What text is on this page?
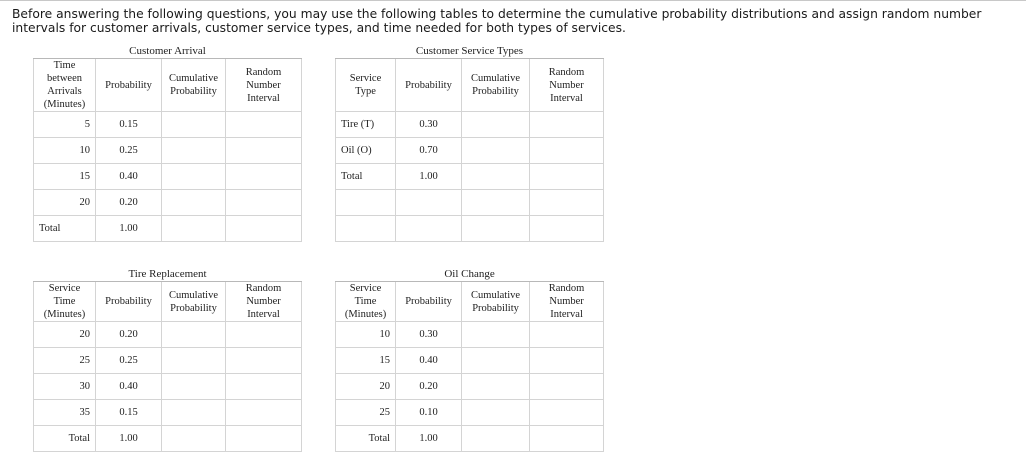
Before answering the following questions, you may use the following tables to determine the cumulative probability distributions and assign random number intervals for customer arrivals, customer service types, and time needed for both types of services.

Customer Arrival					Customer Service Types			
Time between Arrivals (Minutes)	Probability	Cumulative Probability	Random Number Interval		Service Type	Probability	Cumulative Probability	Random Number Interval
5	0.15				Tire (T)	0.30		
10	0.25				Oil (O)	0.70		
15	0.40				Total	1.00		
20	0.20							
Total	1.00							
Tire Replacement					Oil Change			
Service Time (Minutes)	Probability	Cumulative Probability	Random Number Interval		Service Time (Minutes)	Probability	Cumulative Probability	Random Number Interval
20	0.20				10	0.30		
25	0.25				15	0.40		
30	0.40				20	0.20		
35	0.15				25	0.10		
Total	1.00				Total	1.00		
